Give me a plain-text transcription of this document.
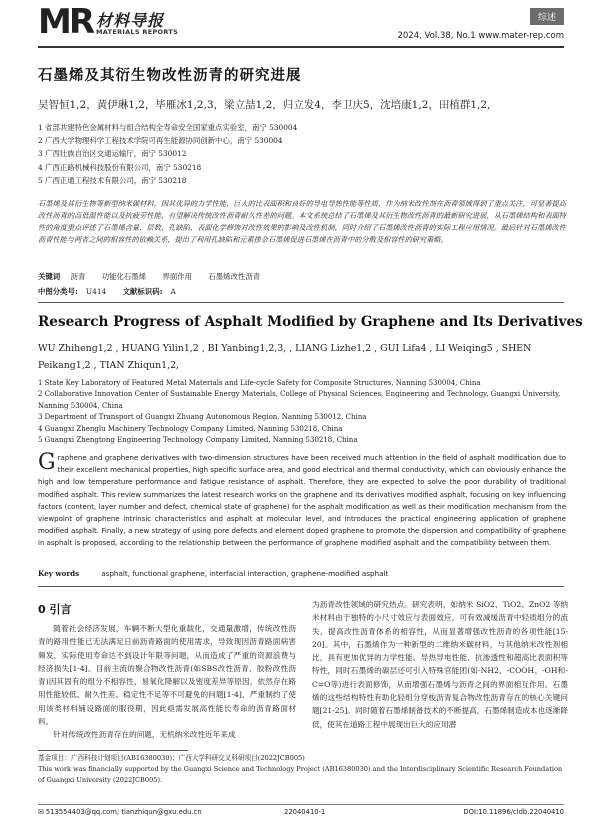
MR 材料导报
MATERIALS REPORTS
综述
2024, Vol.38, No.1 www.mater-rep.com
石墨烯及其衍生物改性沥青的研究进展
吴智恒1,2，黄伊琳1,2，毕雁冰1,2,3，梁立喆1,2，归立发4，李卫庆5，沈培康1,2，田植群1,2,
1 省部共建特色金属材料与组合结构全寿命安全国家重点实验室，南宁 530004
2 广西大学物理科学工程技术学院可再生能源协同创新中心，南宁 530004
3 广西壮族自治区交通运输厅，南宁 530012
4 广西正路机械科技股份有限公司，南宁 530218
5 广西正通工程技术有限公司，南宁 530218
石墨烯及其衍生物等新型纳米碳材料，因其优异的力学性能、巨大的比表面积和良好的导电导热性能等性质，作为纳米改性剂在沥青领域得到了重点关注，可显著提高改性沥青的高低温性能以及抗疲劳性能，有望解决传统改性沥青耐久性差的问题。本文系统总结了石墨烯及其衍生物改性沥青的最新研究进展，从石墨烯结构和表面特性的角度重点评述了石墨烯含量、层数、孔缺陷、表面化学修饰对改性效果的影响及改性机制，同时介绍了石墨烯改性沥青的实际工程应用情况。最后针对石墨烯改性沥青性能与两者之间的相容性的依赖关系，提出了利用孔缺陷和元素掺杂石墨烯促进石墨烯在沥青中的分散及相容性的研究策略。
关键词 沥青 功能化石墨烯 界面作用 石墨烯改性沥青
中图分类号: U414 文献标识码: A
Research Progress of Asphalt Modified by Graphene and Its Derivatives
WU Zhiheng1,2 , HUANG Yilin1,2 , BI Yanbing1,2,3, , LIANG Lizhe1,2 , GUI Lifa4 , LI Weiqing5 , SHEN Peikang1,2 , TIAN Zhiqun1,2,
1 State Key Laboratory of Featured Metal Materials and Life-cycle Safety for Composite Structures, Nanning 530004, China
2 Collaborative Innovation Center of Sustainable Energy Materials, College of Physical Sciences, Engineering and Technology, Guangxi University, Nanning 530004, China
3 Department of Transport of Guangxi Zhuang Autonomous Region, Nanning 530012, China
4 Guangxi Zhenglu Machinery Technology Company Limited, Nanning 530218, China
5 Guangxi Zhengtong Engineering Technology Company Limited, Nanning 530218, China
Graphene and graphene derivatives with two-dimension structures have been received much attention in the field of asphalt modification due to their excellent mechanical properties, high specific surface area, and good electrical and thermal conductivity, which can obviously enhance the high and low temperature performance and fatigue resistance of asphalt. Therefore, they are expected to solve the poor durability of traditional modified asphalt. This review summarizes the latest research works on the graphene and its derivatives modified asphalt, focusing on key influencing factors (content, layer number and defect, chemical state of graphene) for the asphalt modification as well as their modification mechanism from the viewpoint of graphene intrinsic characteristics and asphalt at molecular level, and introduces the practical engineering application of graphene modified asphalt. Finally, a new strategy of using pore defects and element doped graphene to promote the dispersion and compatibility of graphene in asphalt is proposed, according to the relationship between the performance of graphene modified asphalt and the compatibility between them.
Key words	asphalt, functional graphene, interfacial interaction, graphene-modified asphalt
0 引言

随着社会经济发展，车辆不断大型化重载化，交通量激增，传统改性沥青的路用性能已无法满足日前沥青路面的使用需求，导致现因沥青路面病害频发，实际使用寿命达不到设计年限等问题，从而造成了严重的资源浪费与经济损失[1-4]。目前主流的聚合物改性沥青(如SBS改性沥青、胶粉改性沥青)因其固有的组分不相容性、易氧化降解以及密度差异等原因，依然存在路用性能较低、耐久性差、稳定性不足等不可避免的问题[1-4]，严重制约了使用该类材料铺设路面的服役期，因此亟需发展高性能长寿命的沥青路面材料。

针对传统改性沥青存在的问题，无机纳米改性近年来成

为沥青改性领域的研究热点。研究表明，如纳米 SiO2、TiO2、ZnO2 等纳米材料由于独特的小尺寸效应与表面效应，可有效减缓沥青中轻质组分的流失，提高改性沥青体系的相容性，从而显著增强改性沥青的各项性能[15-20]。其中，石墨烯作为一种新型的二维纳米碳材料，与其他纳米改性剂相比，具有更加优异的力学性能、导热导电性能、抗渗透性和超高比表面积等特性，同时石墨烯的碳层还可引入特殊官能团(如-NH2、-COOH、-OH和-C=O等)进行表面修饰，从而增强石墨烯与沥青之间的界面相互作用。石墨烯的这些结构特性有助化轻组分穿梭沥青复合物改性沥青存在的核心关键问题[21-25]。同时随着石墨烯制备技术的不断提高，石墨烯制造成本也逐渐降低，使其在道路工程中展现出巨大的应用潜

基金项目：广西科技计划项目(AB16380030)；广西大学科研交叉科研项目(2022JCB005)
This work was financially supported by the Guangxi Science and Technology Project (AB16380030) and the Interdisciplinary Scientific Research Foundation of Guangxi University (2022JCB005).
✉ 513554403@qq.com; tianzhiqun@gxu.edu.cn	22040410-1	DOI:10.11896/cldb.22040410
